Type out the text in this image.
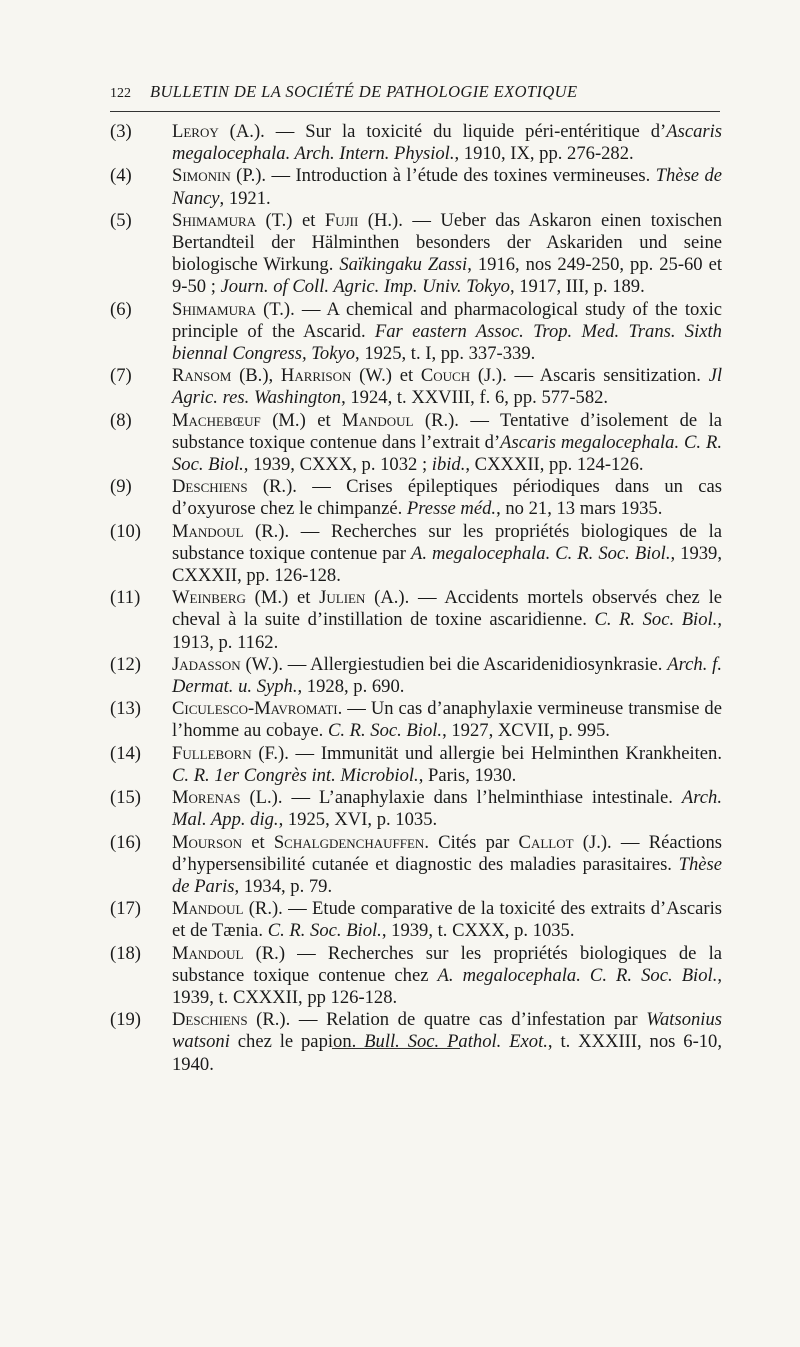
122 BULLETIN DE LA SOCIÉTÉ DE PATHOLOGIE EXOTIQUE
(3)	Leroy (A.). — Sur la toxicité du liquide péri-entéritique d’Ascaris megalocephala. Arch. Intern. Physiol., 1910, IX, pp. 276-282.
(4)	Simonin (P.). — Introduction à l’étude des toxines vermineuses. Thèse de Nancy, 1921.
(5)	Shimamura (T.) et Fujii (H.). — Ueber das Askaron einen toxischen Bertandteil der Hälminthen besonders der Askariden und seine biologische Wirkung. Saïkingaku Zassi, 1916, nos 249-250, pp. 25-60 et 9-50 ; Journ. of Coll. Agric. Imp. Univ. Tokyo, 1917, III, p. 189.
(6)	Shimamura (T.). — A chemical and pharmacological study of the toxic principle of the Ascarid. Far eastern Assoc. Trop. Med. Trans. Sixth biennal Congress, Tokyo, 1925, t. I, pp. 337-339.
(7)	Ransom (B.), Harrison (W.) et Couch (J.). — Ascaris sensitization. Jl Agric. res. Washington, 1924, t. XXVIII, f. 6, pp. 577-582.
(8)	Machebœuf (M.) et Mandoul (R.). — Tentative d’isolement de la substance toxique contenue dans l’extrait d’Ascaris megalocephala. C. R. Soc. Biol., 1939, CXXX, p. 1032 ; ibid., CXXXII, pp. 124-126.
(9)	Deschiens (R.). — Crises épileptiques périodiques dans un cas d’oxyurose chez le chimpanzé. Presse méd., no 21, 13 mars 1935.
(10)	Mandoul (R.). — Recherches sur les propriétés biologiques de la substance toxique contenue par A. megalocephala. C. R. Soc. Biol., 1939, CXXXII, pp. 126-128.
(11)	Weinberg (M.) et Julien (A.). — Accidents mortels observés chez le cheval à la suite d’instillation de toxine ascaridienne. C. R. Soc. Biol., 1913, p. 1162.
(12)	Jadasson (W.). — Allergiestudien bei die Ascaridenidiosynkrasie. Arch. f. Dermat. u. Syph., 1928, p. 690.
(13)	Ciculesco-Mavromati. — Un cas d’anaphylaxie vermineuse transmise de l’homme au cobaye. C. R. Soc. Biol., 1927, XCVII, p. 995.
(14)	Fulleborn (F.). — Immunität und allergie bei Helminthen Krankheiten. C. R. 1er Congrès int. Microbiol., Paris, 1930.
(15)	Morenas (L.). — L’anaphylaxie dans l’helminthiase intestinale. Arch. Mal. App. dig., 1925, XVI, p. 1035.
(16)	Mourson et Schalgdenchauffen. Cités par Callot (J.). — Réactions d’hypersensibilité cutanée et diagnostic des maladies parasitaires. Thèse de Paris, 1934, p. 79.
(17)	Mandoul (R.). — Etude comparative de la toxicité des extraits d’Ascaris et de Tænia. C. R. Soc. Biol., 1939, t. CXXX, p. 1035.
(18)	Mandoul (R.) — Recherches sur les propriétés biologiques de la substance toxique contenue chez A. megalocephala. C. R. Soc. Biol., 1939, t. CXXXII, pp 126-128.
(19)	Deschiens (R.). — Relation de quatre cas d’infestation par Watsonius watsoni chez le papion. Bull. Soc. Pathol. Exot., t. XXXIII, nos 6-10, 1940.
